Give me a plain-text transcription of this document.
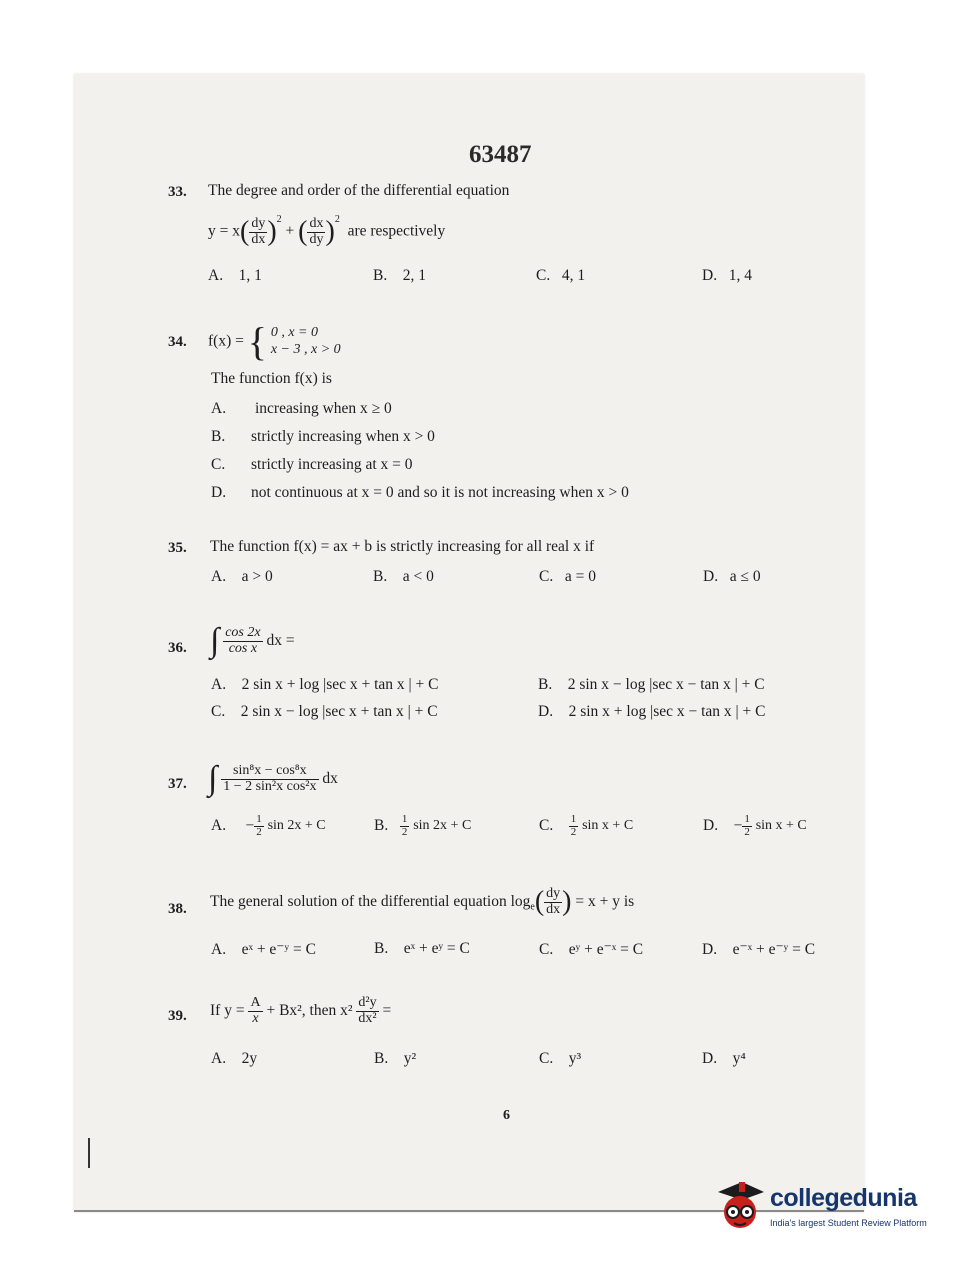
63487
33. The degree and order of the differential equation
$y = x( \frac{dy}{dx} )^2$ + ( $\frac{dx}{dy} )^2$  are respectively
A. 1, 1	B. 2, 1	C. 4, 1	D. 1, 4
34. f(x) = { 0 , x = 0
x − 3 , x > 0
The function f(x) is
A. increasing when x ≥ 0
B. strictly increasing when x > 0
C. strictly increasing at x = 0
D. not continuous at x = 0 and so it is not increasing when x > 0
35. The function f(x) = ax + b is strictly increasing for all real x if
A. a > 0	B. a < 0	C. a = 0	D. a ≤ 0
36. ∫ $\frac{\cos 2x}{\text{cos x}}$ dx =
A. 2 sin x + log |sec x + tan x | + C	B. 2 sin x − log |sec x − tan x | + C
C. 2 sin x − log |sec x + tan x | + C	D. 2 sin x + log |sec x − tan x | + C
37. ∫ $\frac{\text{sin⁸x − cos⁸x}}{\text{1 − 2 sin²x cos²x}}$ dx
A. − $\frac{1}{2}$ sin 2x + C	B. $\frac{1}{2}$ sin 2x + C	C. $\frac{1}{2}$ sin x + C	D. − $\frac{1}{2}$ sin x + C
38. The general solution of the differential equation $\log_e( \frac{dy}{dx}$ ) = x + y is
A. eˣ + e⁻ʸ = C	B. eˣ + eʸ = C	C. eʸ + e⁻ˣ = C	D. e⁻ˣ + e⁻ʸ = C
39. If $y = \frac{A}{x} + Bx^2$, then $x^2 \frac{\text{d²y}}{\text{dx²}}$ =
A. 2y	B. y²	C. y³	D. y⁴
6
collegedunia
India's largest Student Review Platform
